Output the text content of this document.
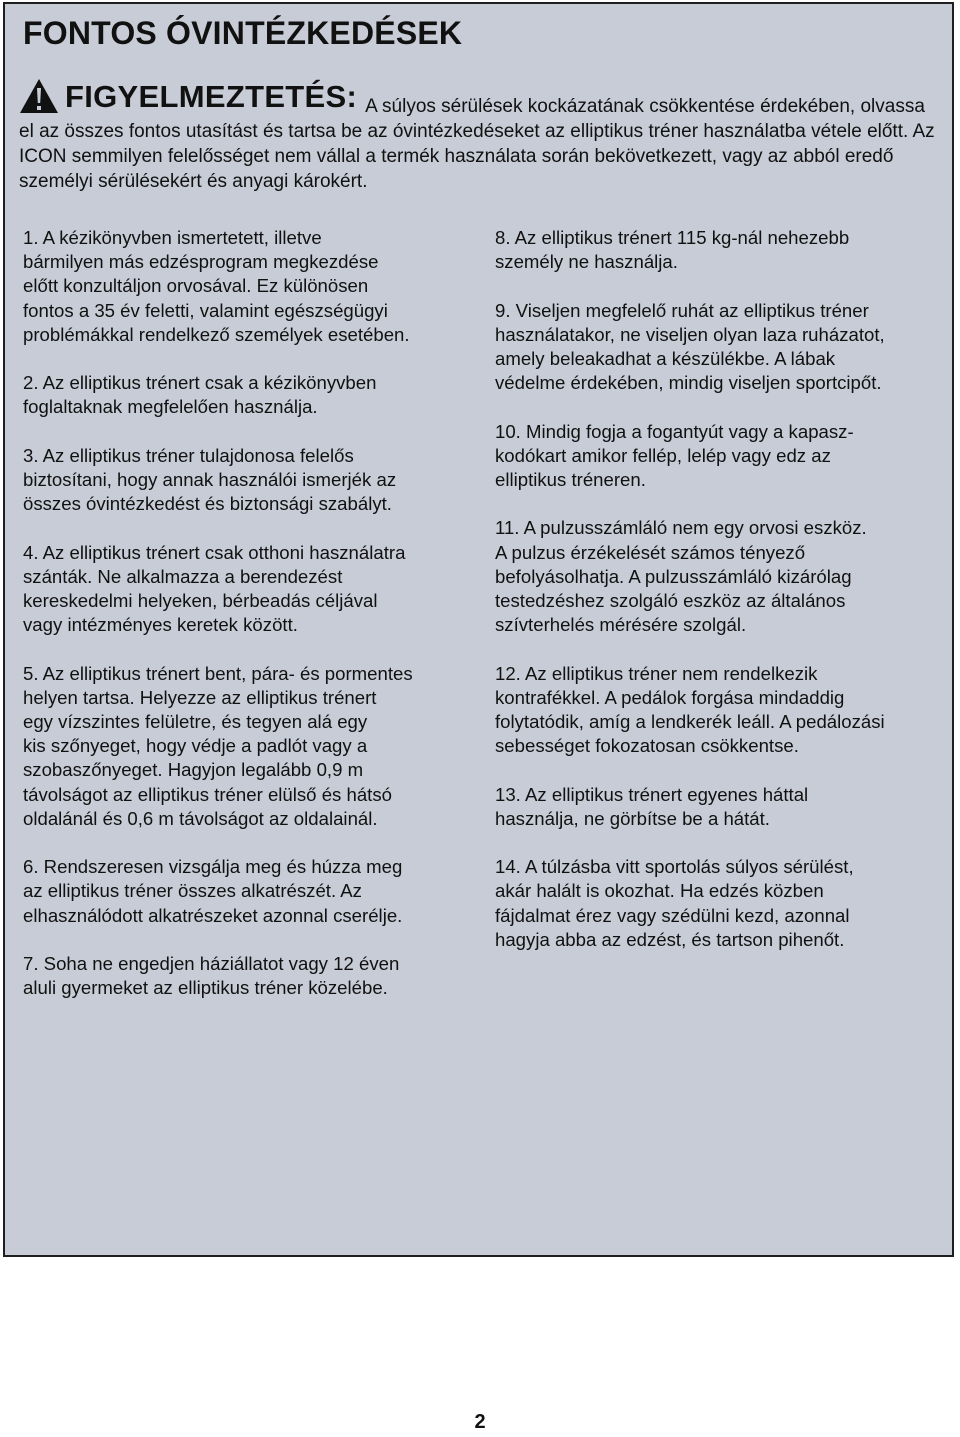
FONTOS ÓVINTÉZKEDÉSEK

FIGYELMEZTETÉS: A súlyos sérülések kockázatának csökkentése érdekében, olvassa el az összes fontos utasítást és tartsa be az óvintézkedéseket az elliptikus tréner használatba vétele előtt. Az ICON semmilyen felelősséget nem vállal a termék használata során bekövetkezett, vagy az abból eredő személyi sérülésekért és anyagi károkért.

1. A kézikönyvben ismertetett, illetve
bármilyen más edzésprogram megkezdése
előtt konzultáljon orvosával. Ez különösen
fontos a 35 év feletti, valamint egészségügyi
problémákkal rendelkező személyek esetében.

2. Az elliptikus trénert csak a kézikönyvben
foglaltaknak megfelelően használja.

3. Az elliptikus tréner tulajdonosa felelős
biztosítani, hogy annak használói ismerjék az
összes óvintézkedést és biztonsági szabályt.

4. Az elliptikus trénert csak otthoni használatra
szánták. Ne alkalmazza a berendezést
kereskedelmi helyeken, bérbeadás céljával
vagy intézményes keretek között.

5. Az elliptikus trénert bent, pára- és pormentes
helyen tartsa. Helyezze az elliptikus trénert
egy vízszintes felületre, és tegyen alá egy
kis szőnyeget, hogy védje a padlót vagy a
szobaszőnyeget. Hagyjon legalább 0,9 m
távolságot az elliptikus tréner elülső és hátsó
oldalánál és 0,6 m távolságot az oldalainál.

6. Rendszeresen vizsgálja meg és húzza meg
az elliptikus tréner összes alkatrészét. Az
elhasználódott alkatrészeket azonnal cserélje.

7. Soha ne engedjen háziállatot vagy 12 éven
aluli gyermeket az elliptikus tréner közelébe.

8. Az elliptikus trénert 115 kg-nál nehezebb
személy ne használja.

9. Viseljen megfelelő ruhát az elliptikus tréner
használatakor, ne viseljen olyan laza ruházatot,
amely beleakadhat a készülékbe. A lábak
védelme érdekében, mindig viseljen sportcipőt.

10. Mindig fogja a fogantyút vagy a kapasz-
kodókart amikor fellép, lelép vagy edz az
elliptikus tréneren.

11. A pulzusszámláló nem egy orvosi eszköz.
A pulzus érzékelését számos tényező
befolyásolhatja. A pulzusszámláló kizárólag
testedzéshez szolgáló eszköz az általános
szívterhelés mérésére szolgál.

12. Az elliptikus tréner nem rendelkezik
kontrafékkel. A pedálok forgása mindaddig
folytatódik, amíg a lendkerék leáll. A pedálozási
sebességet fokozatosan csökkentse.

13. Az elliptikus trénert egyenes háttal
használja, ne görbítse be a hátát.

14. A túlzásba vitt sportolás súlyos sérülést,
akár halált is okozhat. Ha edzés közben
fájdalmat érez vagy szédülni kezd, azonnal
hagyja abba az edzést, és tartson pihenőt.

2
